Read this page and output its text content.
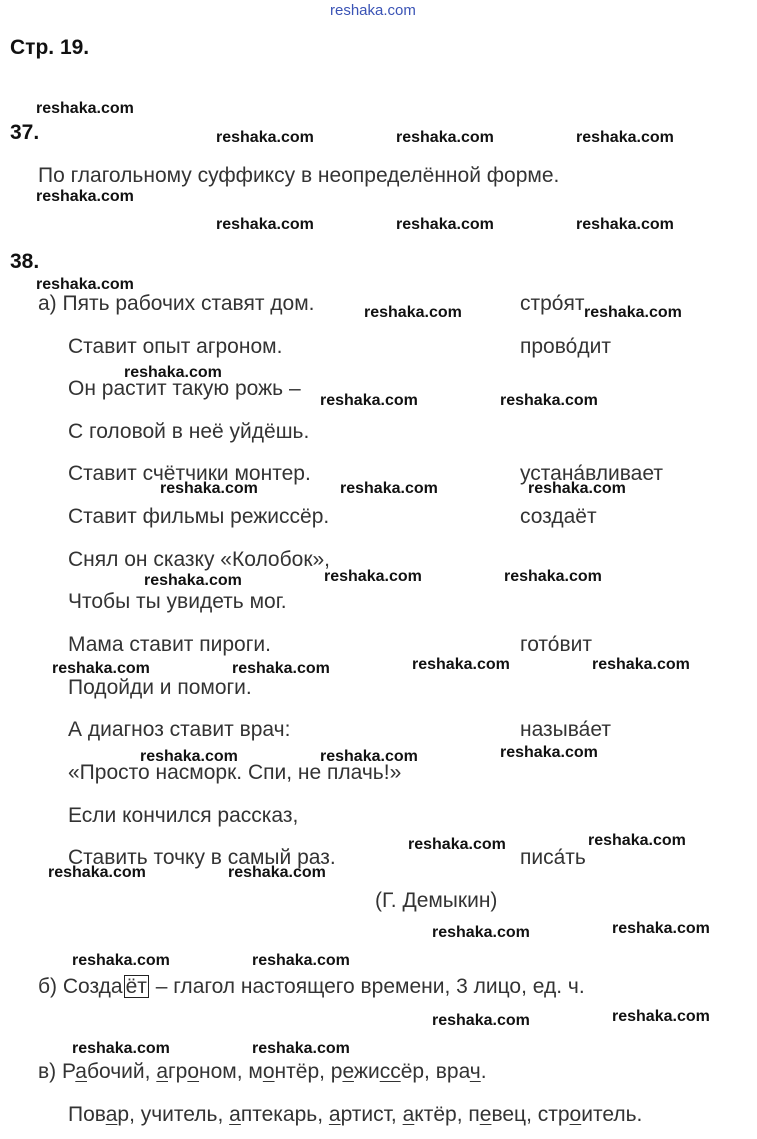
reshaka.com
Стр. 19.
37.
По глагольному суффиксу в неопределённой форме.
38.
а) Пять рабочих ставят дом.	стро́ят
Ставит опыт агроном.	прово́дит
Он растит такую рожь –
С головой в неё уйдёшь.
Ставит счётчики монтер.	устана́вливает
Ставит фильмы режиссёр.	создаёт
Снял он сказку «Колобок»,
Чтобы ты увидеть мог.
Мама ставит пироги.	гото́вит
Подойди и помоги.
А диагноз ставит врач:	называ́ет
«Просто насморк. Спи, не плачь!»
Если кончился рассказ,
Ставить точку в самый раз.	писа́ть
(Г. Демыкин)
б) Созда ёт – глагол настоящего времени, 3 лицо, ед. ч.
в) Рабочий, агроном, монтёр, режиссёр, врач.
Повар, учитель, аптекарь, артист, актёр, певец, строитель.
reshaka.com
reshaka.com	reshaka.com	reshaka.com
reshaka.com
reshaka.com	reshaka.com	reshaka.com
reshaka.com
reshaka.com	reshaka.com
reshaka.com
reshaka.com	reshaka.com
reshaka.com	reshaka.com	reshaka.com
reshaka.com	reshaka.com	reshaka.com
reshaka.com	reshaka.com	reshaka.com	reshaka.com
reshaka.com	reshaka.com	reshaka.com
reshaka.com	reshaka.com
reshaka.com	reshaka.com
reshaka.com	reshaka.com
reshaka.com	reshaka.com
reshaka.com	reshaka.com
reshaka.com	reshaka.com
